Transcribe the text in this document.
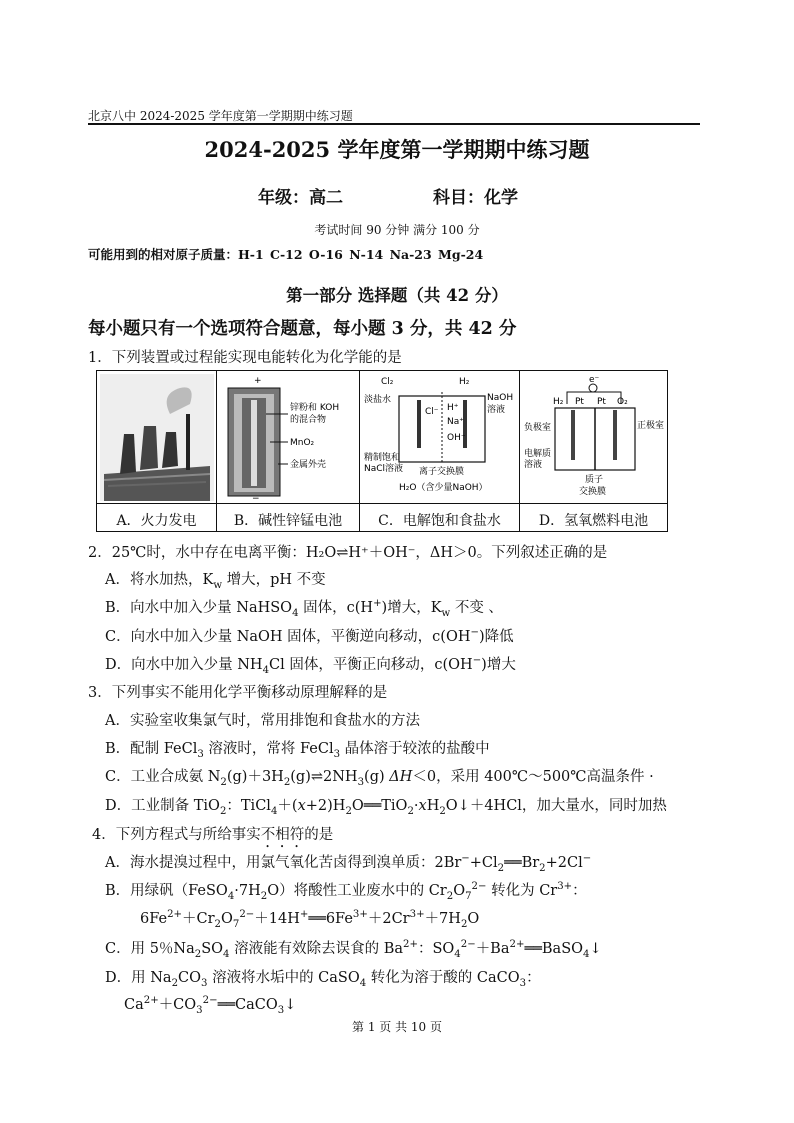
北京八中 2024-2025 学年度第一学期期中练习题
2024-2025 学年度第一学期期中练习题
年级：高二	科目：化学
考试时间 90 分钟 满分 100 分
可能用到的相对原子质量：H-1 C-12 O-16 N-14 Na-23 Mg-24
第一部分 选择题（共 42 分）
每小题只有一个选项符合题意，每小题 3 分，共 42 分
1．下列装置或过程能实现电能转化为化学能的是
A．火力发电
+
锌粉和 KOH
的混合物
MnO₂
金属外壳
−
B．碱性锌锰电池
Cl₂	H₂
淡盐水	NaOH
溶液
Cl⁻ H⁺
Na⁺
OH⁻
精制饱和
NaCl溶液 离子交换膜
H₂O（含少量NaOH）
C．电解饱和食盐水
e⁻
H₂ Pt Pt O₂
负极室	正极室
电解质
溶液
质子
交换膜
D．氢氧燃料电池
2．25℃时，水中存在电离平衡：H₂O⇌H⁺＋OH⁻，ΔH＞0。下列叙述正确的是
A．将水加热，$K_w$ 增大，pH 不变
B．向水中加入少量 NaHSO$_4$ 固体，c(H+)增大，$K_w$ 不变 、
C．向水中加入少量 NaOH 固体，平衡逆向移动，c(OH−)降低
D．向水中加入少量 $NH_4Cl$ 固体，平衡正向移动，c(OH−)增大
3．下列事实不能用化学平衡移动原理解释的是
A．实验室收集氯气时，常用排饱和食盐水的方法
B．配制 FeCl$_3$ 溶液时，常将 FeCl$_3$ 晶体溶于较浓的盐酸中
C．工业合成氨 $N_2(g)+3H_2(g)\rightleftharpoons 2NH_3(g)$ ΔH＜0，采用 400℃～500℃高温条件 ·
D．工业制备 TiO$_2$：$TiCl_4+(x+2)H_2O══TiO_2\cdot xH_2O↓+4HCl$，加大量水，同时加热
4．下列方程式与所给事实不相符的是
A．海水提溴过程中，用氯气氧化苦卤得到溴单质：$2Br^-+Cl_2══Br_2+2Cl^-$
B．用绿矾$(FeSO_4\cdot 7H_2O)$将酸性工业废水中的 $Cr_2O_7^{2-}$ 转化为 $Cr^{3+}$：
$6Fe^{2+}+Cr_2O_7^{2-}+14H^+══6Fe^{3+}+2Cr^{3+}+7H_2O$
C．用 5％$Na_2SO_4$ 溶液能有效除去误食的 $Ba^{2+}$：$SO_4^{2-}+Ba^{2+}══BaSO_4↓$
D．用 $Na_2CO_3$ 溶液将水垢中的 CaSO$_4$ 转化为溶于酸的 CaCO$_3$：
$Ca^{2+}+CO_3^{2-}══CaCO_3↓$
第 1 页 共 10 页
